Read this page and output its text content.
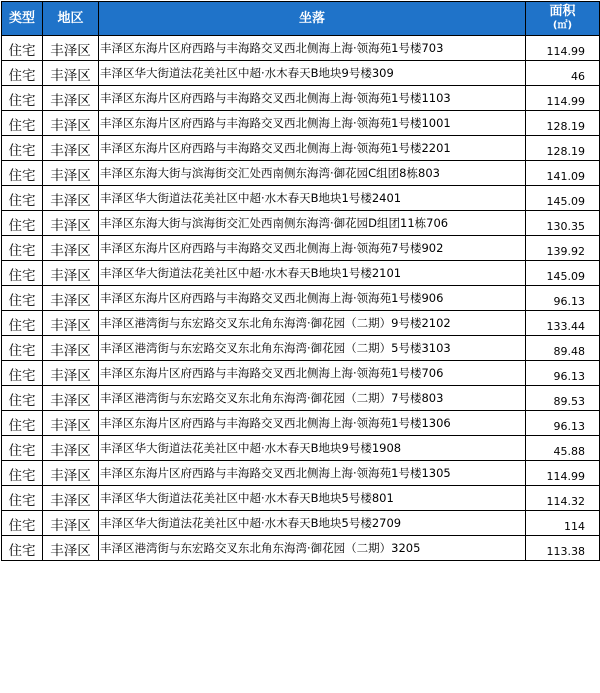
类型	地区	坐落	面积
(㎡)

住宅	丰泽区	丰泽区东海片区府西路与丰海路交叉西北侧海上海·领海苑1号楼703	114.99
住宅	丰泽区	丰泽区华大街道法花美社区中超·水木春天B地块9号楼309	46
住宅	丰泽区	丰泽区东海片区府西路与丰海路交叉西北侧海上海·领海苑1号楼1103	114.99
住宅	丰泽区	丰泽区东海片区府西路与丰海路交叉西北侧海上海·领海苑1号楼1001	128.19
住宅	丰泽区	丰泽区东海片区府西路与丰海路交叉西北侧海上海·领海苑1号楼2201	128.19
住宅	丰泽区	丰泽区东海大街与滨海街交汇处西南侧东海湾·御花园C组团8栋803	141.09
住宅	丰泽区	丰泽区华大街道法花美社区中超·水木春天B地块1号楼2401	145.09
住宅	丰泽区	丰泽区东海大街与滨海街交汇处西南侧东海湾·御花园D组团11栋706	130.35
住宅	丰泽区	丰泽区东海片区府西路与丰海路交叉西北侧海上海·领海苑7号楼902	139.92
住宅	丰泽区	丰泽区华大街道法花美社区中超·水木春天B地块1号楼2101	145.09
住宅	丰泽区	丰泽区东海片区府西路与丰海路交叉西北侧海上海·领海苑1号楼906	96.13
住宅	丰泽区	丰泽区港湾街与东宏路交叉东北角东海湾·御花园（二期）9号楼2102	133.44
住宅	丰泽区	丰泽区港湾街与东宏路交叉东北角东海湾·御花园（二期）5号楼3103	89.48
住宅	丰泽区	丰泽区东海片区府西路与丰海路交叉西北侧海上海·领海苑1号楼706	96.13
住宅	丰泽区	丰泽区港湾街与东宏路交叉东北角东海湾·御花园（二期）7号楼803	89.53
住宅	丰泽区	丰泽区东海片区府西路与丰海路交叉西北侧海上海·领海苑1号楼1306	96.13
住宅	丰泽区	丰泽区华大街道法花美社区中超·水木春天B地块9号楼1908	45.88
住宅	丰泽区	丰泽区东海片区府西路与丰海路交叉西北侧海上海·领海苑1号楼1305	114.99
住宅	丰泽区	丰泽区华大街道法花美社区中超·水木春天B地块5号楼801	114.32
住宅	丰泽区	丰泽区华大街道法花美社区中超·水木春天B地块5号楼2709	114
住宅	丰泽区	丰泽区港湾街与东宏路交叉东北角东海湾·御花园（二期）3205	113.38
